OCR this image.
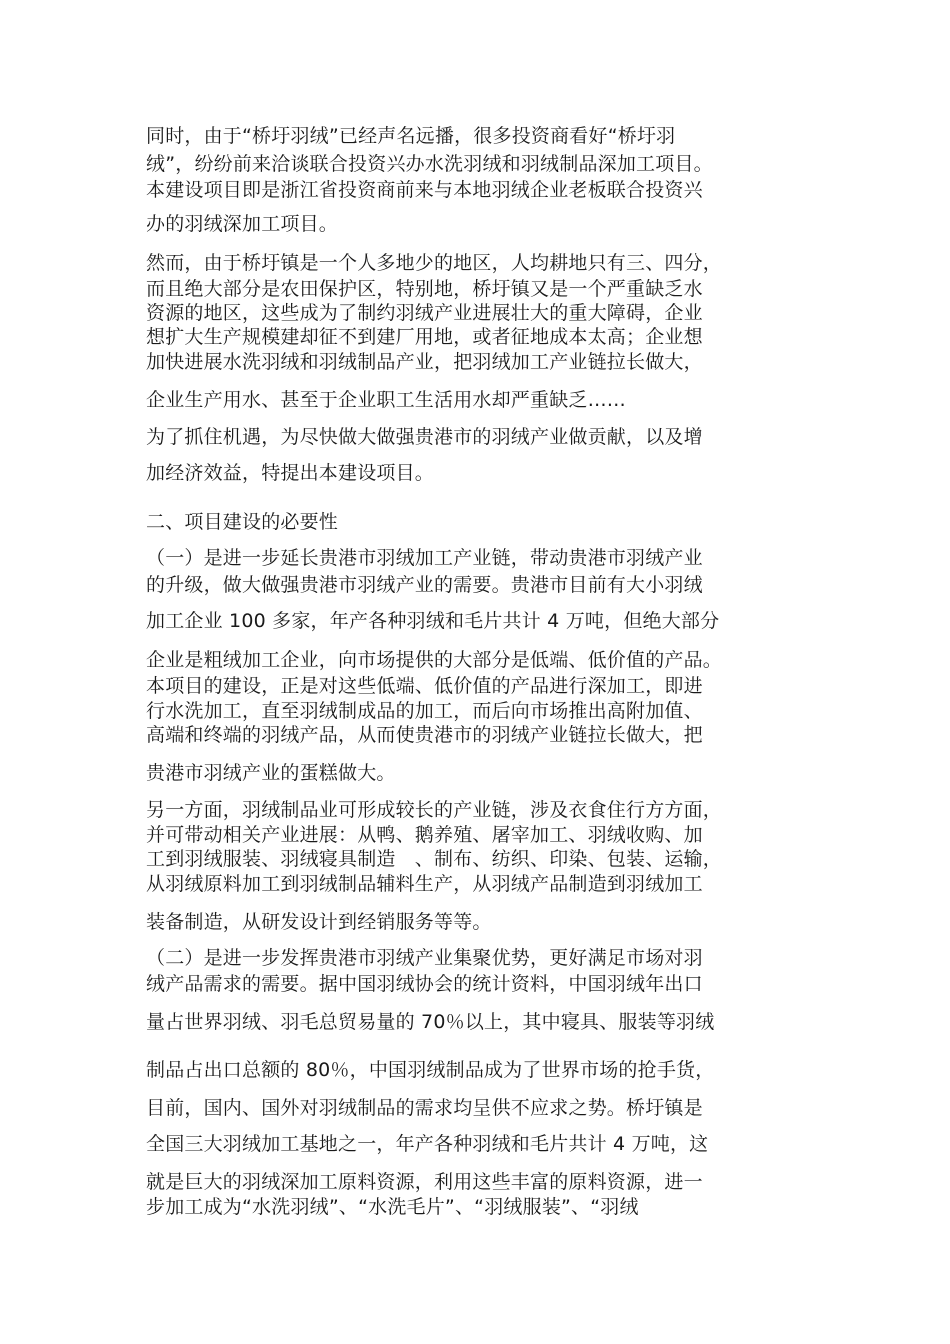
同时，由于“桥圩羽绒”已经声名远播，很多投资商看好“桥圩羽

绒”，纷纷前来洽谈联合投资兴办水洗羽绒和羽绒制品深加工项目。

本建设项目即是浙江省投资商前来与本地羽绒企业老板联合投资兴

办的羽绒深加工项目。

然而，由于桥圩镇是一个人多地少的地区，人均耕地只有三、四分，

而且绝大部分是农田保护区，特别地，桥圩镇又是一个严重缺乏水

资源的地区，这些成为了制约羽绒产业进展壮大的重大障碍，企业

想扩大生产规模建却征不到建厂用地，或者征地成本太高；企业想

加快进展水洗羽绒和羽绒制品产业，把羽绒加工产业链拉长做大，

企业生产用水、甚至于企业职工生活用水却严重缺乏……

为了抓住机遇，为尽快做大做强贵港市的羽绒产业做贡献，以及增

加经济效益，特提出本建设项目。

二、项目建设的必要性

（一）是进一步延长贵港市羽绒加工产业链，带动贵港市羽绒产业

的升级，做大做强贵港市羽绒产业的需要。贵港市目前有大小羽绒

加工企业 100 多家，年产各种羽绒和毛片共计 4 万吨，但绝大部分

企业是粗绒加工企业，向市场提供的大部分是低端、低价值的产品。

本项目的建设，正是对这些低端、低价值的产品进行深加工，即进

行水洗加工，直至羽绒制成品的加工，而后向市场推出高附加值、

高端和终端的羽绒产品，从而使贵港市的羽绒产业链拉长做大，把

贵港市羽绒产业的蛋糕做大。

另一方面，羽绒制品业可形成较长的产业链，涉及衣食住行方方面，

并可带动相关产业进展：从鸭、鹅养殖、屠宰加工、羽绒收购、加

工到羽绒服装、羽绒寝具制造　、制布、纺织、印染、包装、运输，

从羽绒原料加工到羽绒制品辅料生产，从羽绒产品制造到羽绒加工

装备制造，从研发设计到经销服务等等。

（二）是进一步发挥贵港市羽绒产业集聚优势，更好满足市场对羽

绒产品需求的需要。据中国羽绒协会的统计资料，中国羽绒年出口

量占世界羽绒、羽毛总贸易量的 70％以上，其中寝具、服装等羽绒

制品占出口总额的 80％，中国羽绒制品成为了世界市场的抢手货，

目前，国内、国外对羽绒制品的需求均呈供不应求之势。桥圩镇是

全国三大羽绒加工基地之一，年产各种羽绒和毛片共计 4 万吨，这

就是巨大的羽绒深加工原料资源，利用这些丰富的原料资源，进一

步加工成为“水洗羽绒”、“水洗毛片”、“羽绒服装”、“羽绒
